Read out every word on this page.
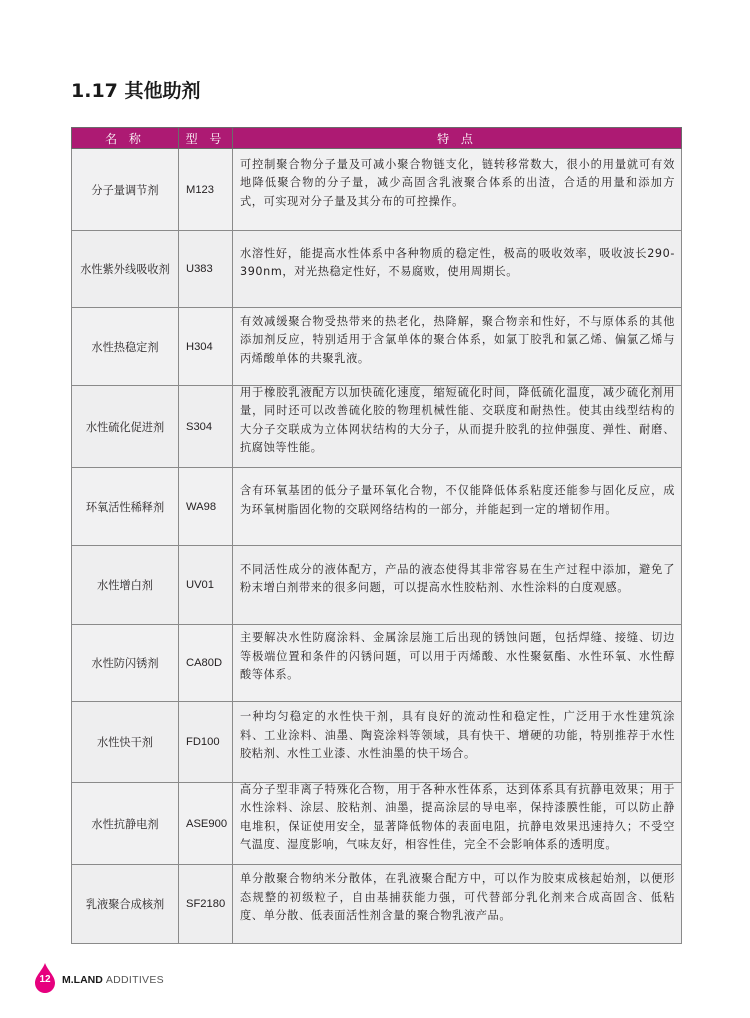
1.17 其他助剂
名 称	型 号	特 点
分子量调节剂	M123	可控制聚合物分子量及可减小聚合物链支化，链转移常数大，很小的用量就可有效地降低聚合物的分子量，减少高固含乳液聚合体系的出渣，合适的用量和添加方式，可实现对分子量及其分布的可控操作。

水性紫外线吸收剂	U383	水溶性好，能提高水性体系中各种物质的稳定性，极高的吸收效率，吸收波长290-390nm，对光热稳定性好，不易腐败，使用周期长。

水性热稳定剂	H304	有效减缓聚合物受热带来的热老化，热降解，聚合物亲和性好，不与原体系的其他添加剂反应，特别适用于含氯单体的聚合体系，如氯丁胶乳和氯乙烯、偏氯乙烯与丙烯酸单体的共聚乳液。

水性硫化促进剂	S304	用于橡胶乳液配方以加快硫化速度，缩短硫化时间，降低硫化温度，减少硫化剂用量，同时还可以改善硫化胶的物理机械性能、交联度和耐热性。使其由线型结构的大分子交联成为立体网状结构的大分子，从而提升胶乳的拉伸强度、弹性、耐磨、抗腐蚀等性能。

环氧活性稀释剂	WA98	含有环氧基团的低分子量环氧化合物，不仅能降低体系粘度还能参与固化反应，成为环氧树脂固化物的交联网络结构的一部分，并能起到一定的增韧作用。

水性增白剂	UV01	不同活性成分的液体配方，产品的液态使得其非常容易在生产过程中添加，避免了粉末增白剂带来的很多问题，可以提高水性胶粘剂、水性涂料的白度观感。

水性防闪锈剂	CA80D	主要解决水性防腐涂料、金属涂层施工后出现的锈蚀问题，包括焊缝、接缝、切边等极端位置和条件的闪锈问题，可以用于丙烯酸、水性聚氨酯、水性环氧、水性醇酸等体系。

水性快干剂	FD100	一种均匀稳定的水性快干剂，具有良好的流动性和稳定性，广泛用于水性建筑涂料、工业涂料、油墨、陶瓷涂料等领域，具有快干、增硬的功能，特别推荐于水性胶粘剂、水性工业漆、水性油墨的快干场合。

水性抗静电剂	ASE900	高分子型非离子特殊化合物，用于各种水性体系，达到体系具有抗静电效果；用于水性涂料、涂层、胶粘剂、油墨，提高涂层的导电率，保持漆膜性能，可以防止静电堆积，保证使用安全，显著降低物体的表面电阻，抗静电效果迅速持久；不受空气温度、湿度影响，气味友好，相容性佳，完全不会影响体系的透明度。

乳液聚合成核剂	SF2180	单分散聚合物纳米分散体，在乳液聚合配方中，可以作为胶束成核起始剂，以便形态规整的初级粒子，自由基捕获能力强，可代替部分乳化剂来合成高固含、低粘度、单分散、低表面活性剂含量的聚合物乳液产品。
12	M.LAND ADDITIVES
